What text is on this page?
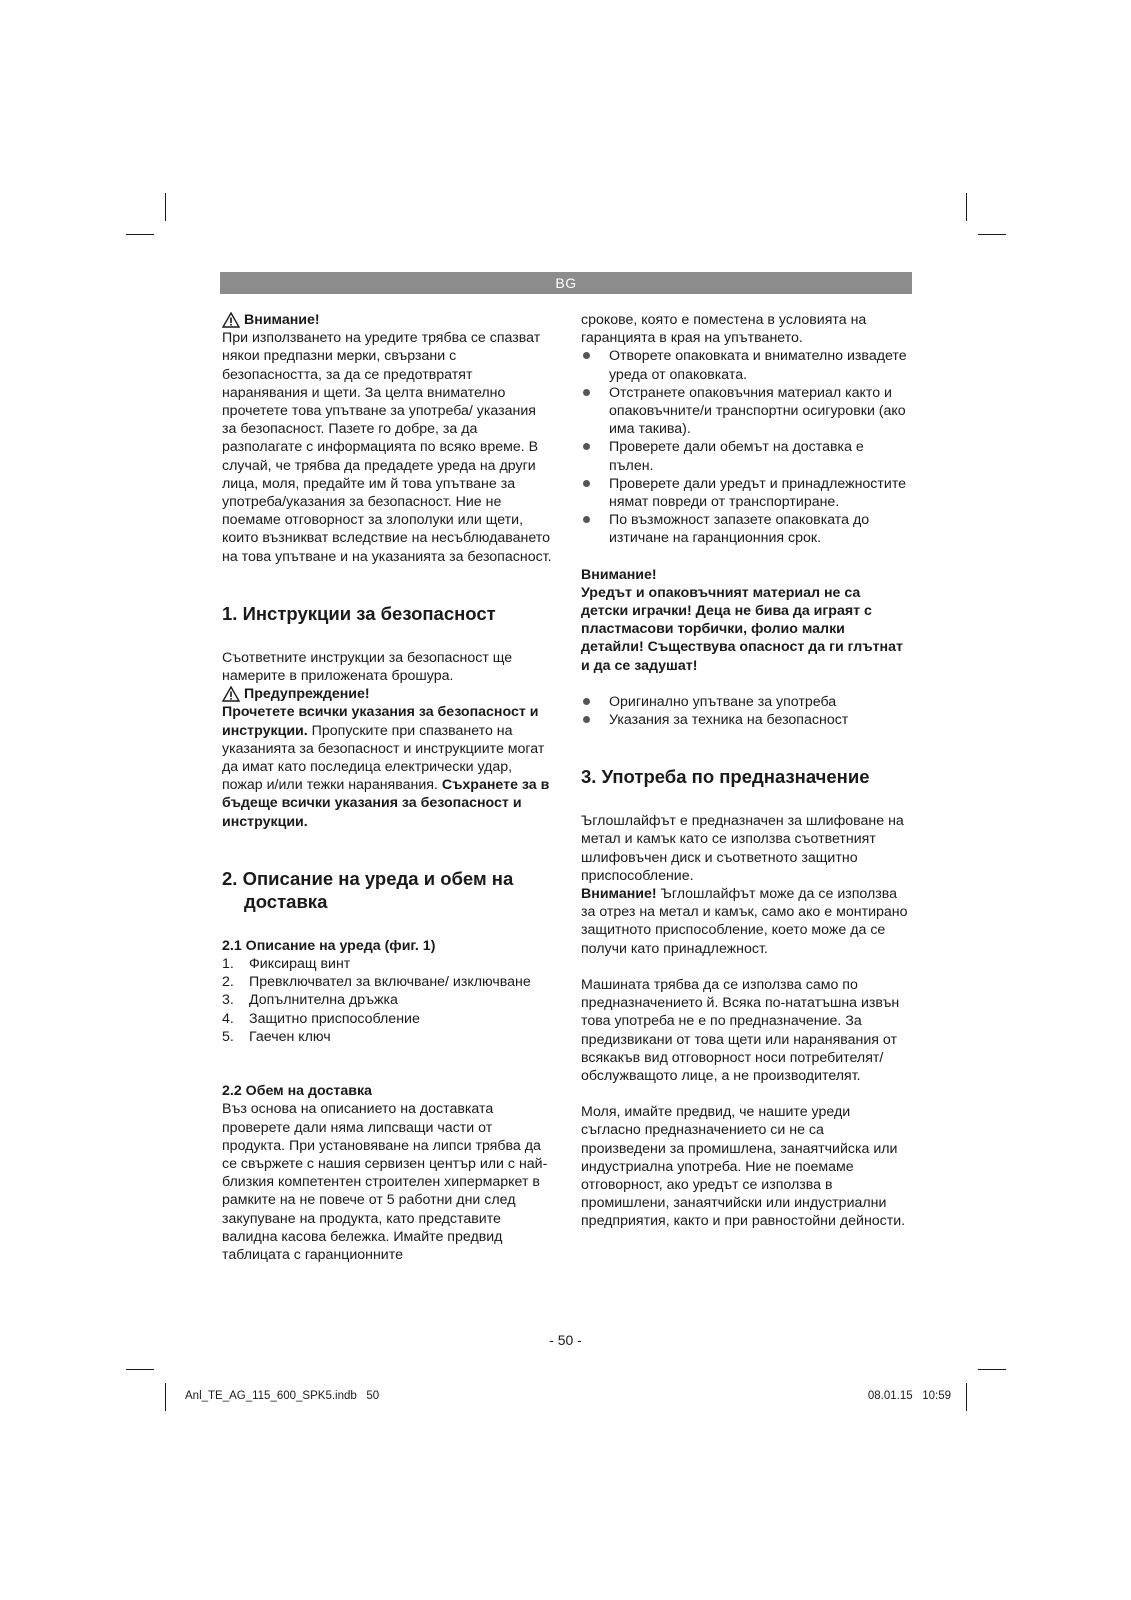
BG
Внимание!

При използването на уредите трябва се спазват някои предпазни мерки, свързани с безопасността, за да се предотвратят наранявания и щети. За целта внимателно прочетете това упътване за употреба/ указания за безопасност. Пазете го добре, за да разполагате с информацията по всяко време. В случай, че трябва да предадете уреда на други лица, моля, предайте им й това упътване за употреба/указания за безопасност. Ние не поемаме отговорност за злополуки или щети, които възникват вследствие на несъблюдаването на това упътване и на указанията за безопасност.

1. Инструкции за безопасност

Съответните инструкции за безопасност ще намерите в приложената брошура.

Предупреждение!

Прочетете всички указания за безопасност и инструкции. Пропуските при спазването на указанията за безопасност и инструкциите могат да имат като последица електрически удар, пожар и/или тежки наранявания. Съхранете за в бъдеще всички указания за безопасност и инструкции.

2. Описание на уреда и обем на
доставка
2.1 Описание на уреда (фиг. 1)
1. Фиксиращ винт
2. Превключвател за включване/ изключване
3. Допълнителна дръжка
4. Защитно приспособление
5. Гаечен ключ
2.2 Обем на доставка

Въз основа на описанието на доставката проверете дали няма липсващи части от продукта. При установяване на липси трябва да се свържете с нашия сервизен център или с най-близкия компетентен строителен хипермаркет в рамките на не повече от 5 работни дни след закупуване на продукта, като представите валидна касова бележка. Имайте предвид таблицата с гаранционните

срокове, която е поместена в условията на гаранцията в края на упътването.

Отворете опаковката и внимателно извадете уреда от опаковката.
Отстранете опаковъчния материал както и опаковъчните/и транспортни осигуровки (ако има такива).
Проверете дали обемът на доставка е пълен.
Проверете дали уредът и принадлежностите нямат повреди от транспортиране.
По възможност запазете опаковката до изтичане на гаранционния срок.

Внимание!

Уредът и опаковъчният материал не са детски играчки! Деца не бива да играят с пластмасови торбички, фолио малки детайли! Съществува опасност да ги глътнат и да се задушат!

Оригинално упътване за употреба
Указания за техника на безопасност
3. Употреба по предназначение

Ъглошлайфът е предназначен за шлифоване на метал и камък като се използва съответният шлифовъчен диск и съответното защитно приспособление.

Внимание! Ъглошлайфът може да се използва за отрез на метал и камък, само ако е монтирано защитното приспособление, което може да се получи като принадлежност.

Машината трябва да се използва само по предназначението й. Всяка по-нататъшна извън това употреба не е по предназначение. За предизвикани от това щети или наранявания от всякакъв вид отговорност носи потребителят/обслужващото лице, а не производителят.

Моля, имайте предвид, че нашите уреди съгласно предназначението си не са произведени за промишлена, занаятчийска или индустриална употреба. Ние не поемаме отговорност, ако уредът се използва в промишлени, занаятчийски или индустриални предприятия, както и при равностойни дейности.

- 50 -
Anl_TE_AG_115_600_SPK5.indb   50	08.01.15   10:59
